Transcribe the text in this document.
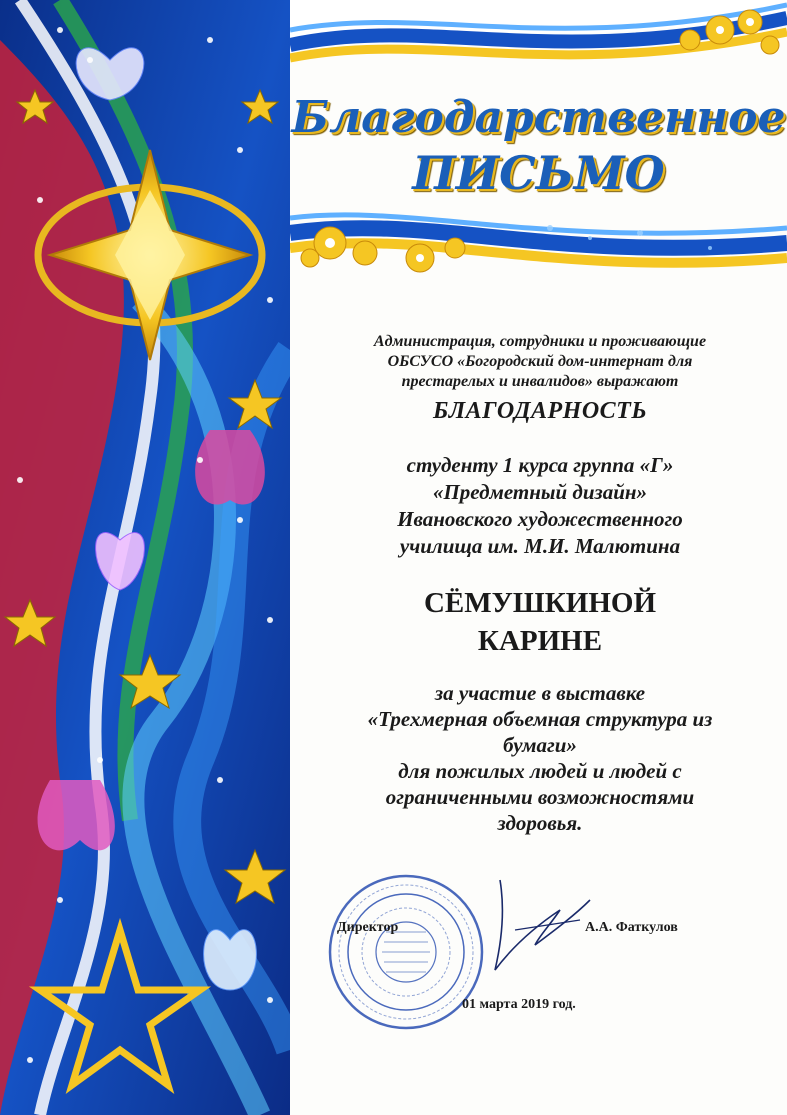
Благодарственное
ПИСЬМО
Администрация, сотрудники и проживающие
ОБСУСО «Богородский дом-интернат для
престарелых и инвалидов» выражают
БЛАГОДАРНОСТЬ
студенту 1 курса группа «Г»
«Предметный дизайн»
Ивановского художественного
училища им. М.И. Малютина
СЁМУШКИНОЙ
КАРИНЕ
за участие в выставке
«Трехмерная объемная структура из
бумаги»
для пожилых людей и людей с
ограниченными возможностями
здоровья.
Директор	А.А. Фаткулов
01 марта 2019 год.
